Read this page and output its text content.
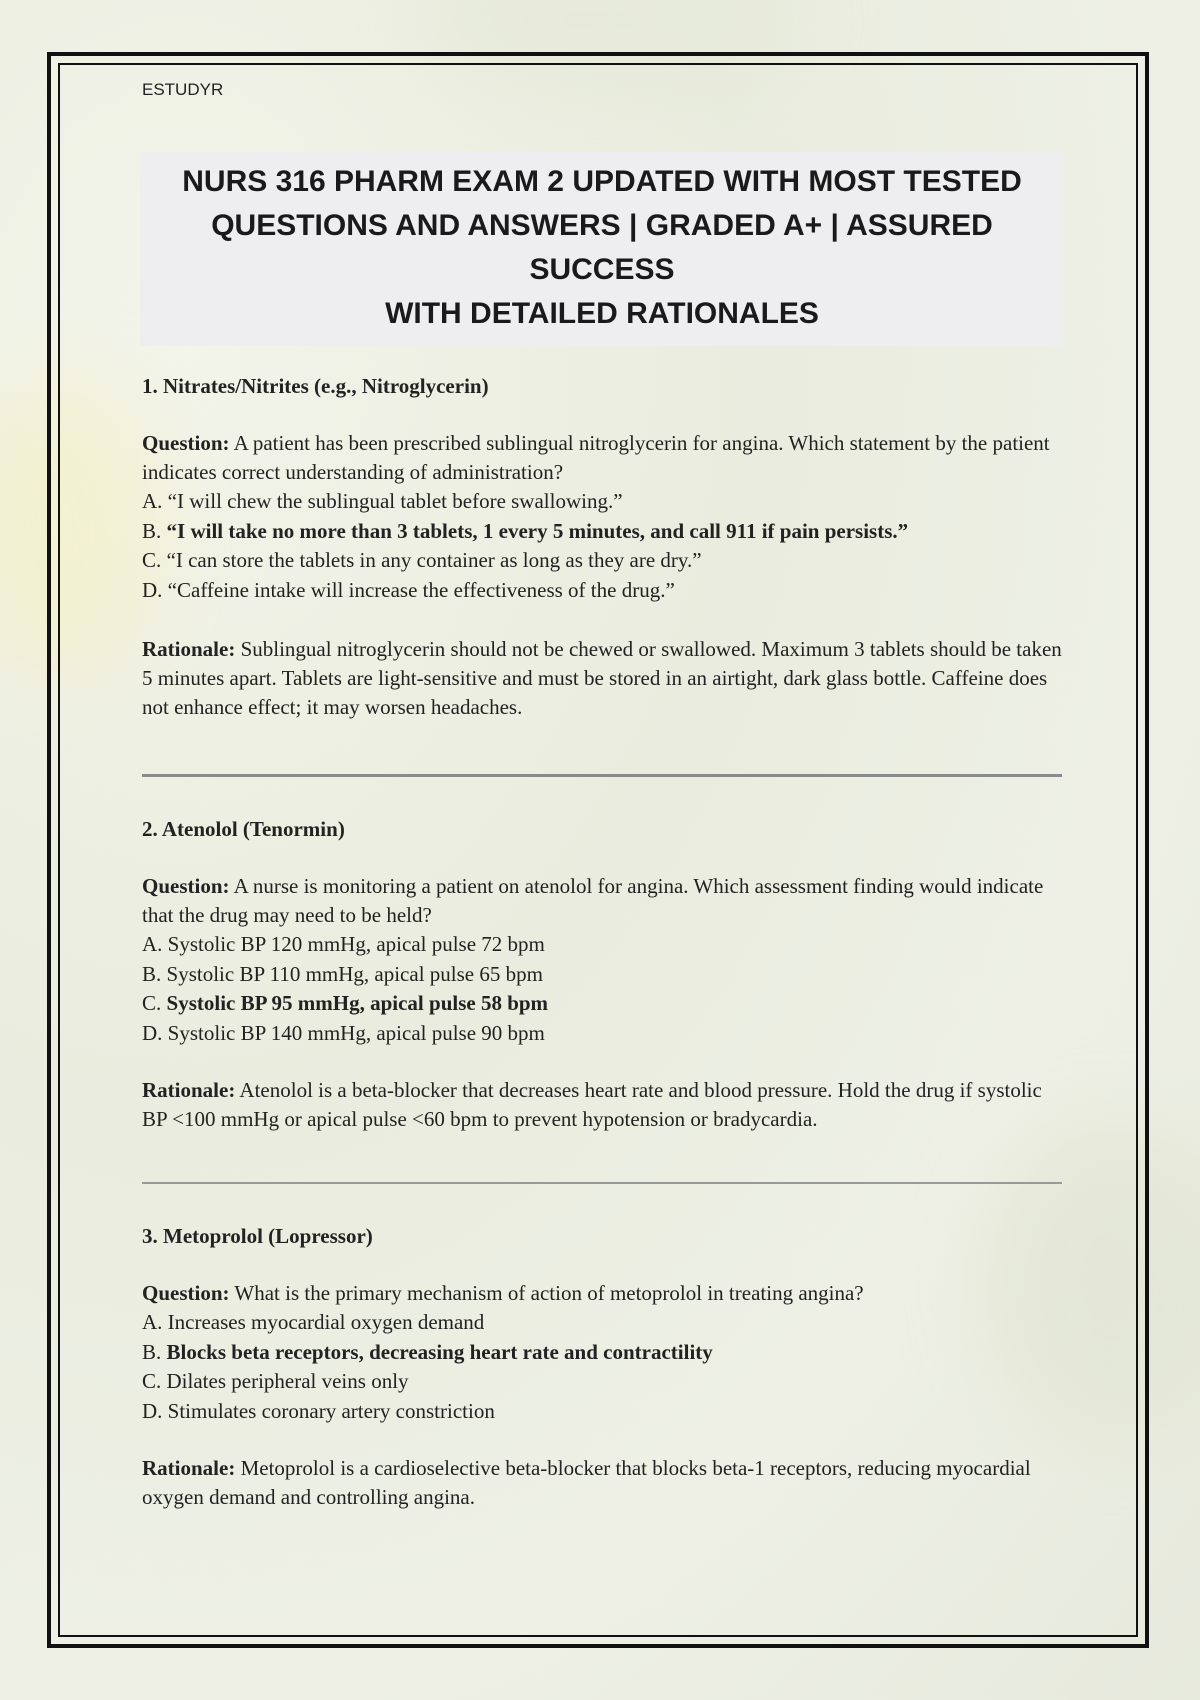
ESTUDYR

NURS 316 PHARM EXAM 2 UPDATED WITH MOST TESTED
QUESTIONS AND ANSWERS | GRADED A+ | ASSURED SUCCESS
WITH DETAILED RATIONALES

1. Nitrates/Nitrites (e.g., Nitroglycerin)

Question: A patient has been prescribed sublingual nitroglycerin for angina. Which statement by the patient indicates correct understanding of administration?

A. “I will chew the sublingual tablet before swallowing.”

B. “I will take no more than 3 tablets, 1 every 5 minutes, and call 911 if pain persists.”

C. “I can store the tablets in any container as long as they are dry.”

D. “Caffeine intake will increase the effectiveness of the drug.”

Rationale: Sublingual nitroglycerin should not be chewed or swallowed. Maximum 3 tablets should be taken 5 minutes apart. Tablets are light-sensitive and must be stored in an airtight, dark glass bottle. Caffeine does not enhance effect; it may worsen headaches.

2. Atenolol (Tenormin)

Question: A nurse is monitoring a patient on atenolol for angina. Which assessment finding would indicate that the drug may need to be held?

A. Systolic BP 120 mmHg, apical pulse 72 bpm

B. Systolic BP 110 mmHg, apical pulse 65 bpm

C. Systolic BP 95 mmHg, apical pulse 58 bpm

D. Systolic BP 140 mmHg, apical pulse 90 bpm

Rationale: Atenolol is a beta-blocker that decreases heart rate and blood pressure. Hold the drug if systolic BP <100 mmHg or apical pulse <60 bpm to prevent hypotension or bradycardia.

3. Metoprolol (Lopressor)

Question: What is the primary mechanism of action of metoprolol in treating angina?

A. Increases myocardial oxygen demand

B. Blocks beta receptors, decreasing heart rate and contractility

C. Dilates peripheral veins only

D. Stimulates coronary artery constriction

Rationale: Metoprolol is a cardioselective beta-blocker that blocks beta-1 receptors, reducing myocardial oxygen demand and controlling angina.
